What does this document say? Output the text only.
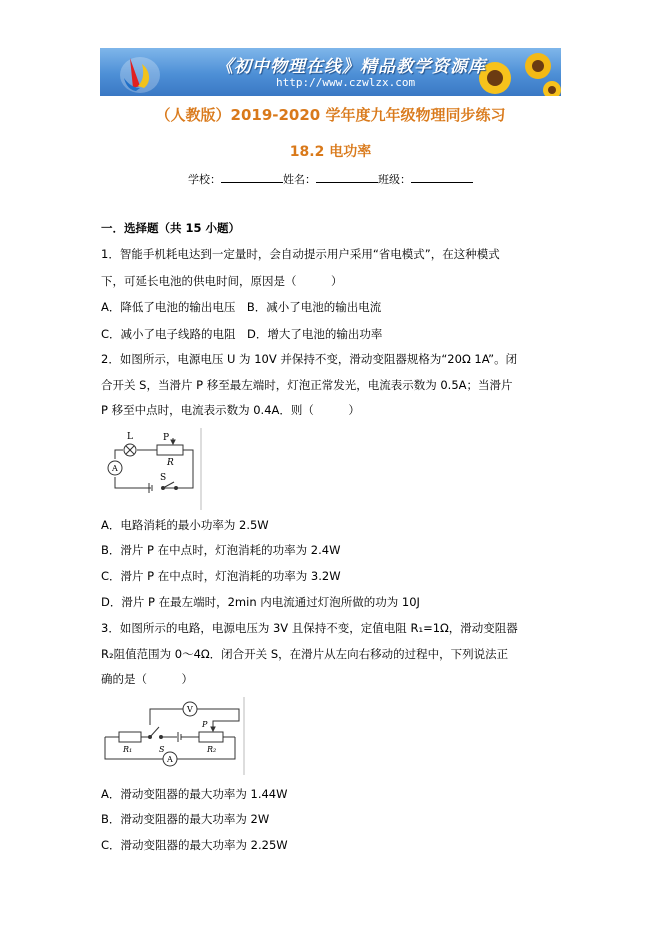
《初中物理在线》精品教学资源库
http://www.czwlzx.com
（人教版）2019-2020 学年度九年级物理同步练习
18.2 电功率
学校：	姓名：	班级：
一．选择题（共 15 小题）
1．智能手机耗电达到一定量时，会自动提示用户采用“省电模式”，在这种模式
下，可延长电池的供电时间，原因是（　　　）
A．降低了电池的输出电压　B．减小了电池的输出电流
C．减小了电子线路的电阻　D．增大了电池的输出功率
2．如图所示，电源电压 U 为 10V 并保持不变，滑动变阻器规格为“20Ω 1A”。闭
合开关 S，当滑片 P 移至最左端时，灯泡正常发光，电流表示数为 0.5A；当滑片
P 移至中点时，电流表示数为 0.4A．则（　　　）
L	P
R
A
S
A．电路消耗的最小功率为 2.5W
B．滑片 P 在中点时，灯泡消耗的功率为 2.4W
C．滑片 P 在中点时，灯泡消耗的功率为 3.2W
D．滑片 P 在最左端时，2min 内电流通过灯泡所做的功为 10J
3．如图所示的电路，电源电压为 3V 且保持不变，定值电阻 R₁=1Ω，滑动变阻器
R₂阻值范围为 0～4Ω．闭合开关 S，在滑片从左向右移动的过程中，下列说法正
确的是（　　　）
V
A
R₁	R₂
S
P
A．滑动变阻器的最大功率为 1.44W
B．滑动变阻器的最大功率为 2W
C．滑动变阻器的最大功率为 2.25W
